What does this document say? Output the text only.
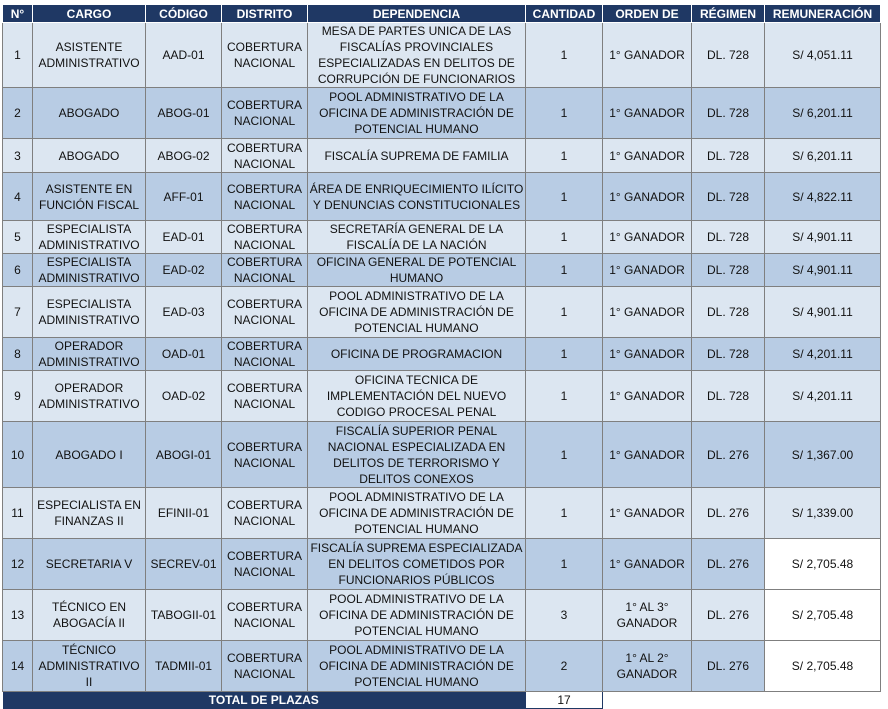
N°	CARGO	CÓDIGO	DISTRITO	DEPENDENCIA	CANTIDAD	ORDEN DE	RÉGIMEN	REMUNERACIÓN
1	ASISTENTE ADMINISTRATIVO	AAD-01	COBERTURA NACIONAL	MESA DE PARTES UNICA DE LAS FISCALÍAS PROVINCIALES ESPECIALIZADAS EN DELITOS DE CORRUPCIÓN DE FUNCIONARIOS	1	1° GANADOR	DL. 728	S/ 4,051.11
2	ABOGADO	ABOG-01	COBERTURA NACIONAL	POOL ADMINISTRATIVO DE LA OFICINA DE ADMINISTRACIÓN DE POTENCIAL HUMANO	1	1° GANADOR	DL. 728	S/ 6,201.11
3	ABOGADO	ABOG-02	COBERTURA NACIONAL	FISCALÍA SUPREMA DE FAMILIA	1	1° GANADOR	DL. 728	S/ 6,201.11
4	ASISTENTE EN FUNCIÓN FISCAL	AFF-01	COBERTURA NACIONAL	ÁREA DE ENRIQUECIMIENTO ILÍCITO Y DENUNCIAS CONSTITUCIONALES	1	1° GANADOR	DL. 728	S/ 4,822.11
5	ESPECIALISTA ADMINISTRATIVO	EAD-01	COBERTURA NACIONAL	SECRETARÍA GENERAL DE LA FISCALÍA DE LA NACIÓN	1	1° GANADOR	DL. 728	S/ 4,901.11
6	ESPECIALISTA ADMINISTRATIVO	EAD-02	COBERTURA NACIONAL	OFICINA GENERAL DE POTENCIAL HUMANO	1	1° GANADOR	DL. 728	S/ 4,901.11
7	ESPECIALISTA ADMINISTRATIVO	EAD-03	COBERTURA NACIONAL	POOL ADMINISTRATIVO DE LA OFICINA DE ADMINISTRACIÓN DE POTENCIAL HUMANO	1	1° GANADOR	DL. 728	S/ 4,901.11
8	OPERADOR ADMINISTRATIVO	OAD-01	COBERTURA NACIONAL	OFICINA DE PROGRAMACION	1	1° GANADOR	DL. 728	S/ 4,201.11
9	OPERADOR ADMINISTRATIVO	OAD-02	COBERTURA NACIONAL	OFICINA TECNICA DE IMPLEMENTACIÓN DEL NUEVO CODIGO PROCESAL PENAL	1	1° GANADOR	DL. 728	S/ 4,201.11
10	ABOGADO I	ABOGI-01	COBERTURA NACIONAL	FISCALÍA SUPERIOR PENAL NACIONAL ESPECIALIZADA EN DELITOS DE TERRORISMO Y DELITOS CONEXOS	1	1° GANADOR	DL. 276	S/ 1,367.00
11	ESPECIALISTA EN FINANZAS II	EFINII-01	COBERTURA NACIONAL	POOL ADMINISTRATIVO DE LA OFICINA DE ADMINISTRACIÓN DE POTENCIAL HUMANO	1	1° GANADOR	DL. 276	S/ 1,339.00
12	SECRETARIA V	SECREV-01	COBERTURA NACIONAL	FISCALÍA SUPREMA ESPECIALIZADA EN DELITOS COMETIDOS POR FUNCIONARIOS PÚBLICOS	1	1° GANADOR	DL. 276	S/ 2,705.48
13	TÉCNICO EN ABOGACÍA II	TABOGII-01	COBERTURA NACIONAL	POOL ADMINISTRATIVO DE LA OFICINA DE ADMINISTRACIÓN DE POTENCIAL HUMANO	3	1° AL 3° GANADOR	DL. 276	S/ 2,705.48
14	TÉCNICO ADMINISTRATIVO II	TADMII-01	COBERTURA NACIONAL	POOL ADMINISTRATIVO DE LA OFICINA DE ADMINISTRACIÓN DE POTENCIAL HUMANO	2	1° AL 2° GANADOR	DL. 276	S/ 2,705.48
TOTAL DE PLAZAS					17			
